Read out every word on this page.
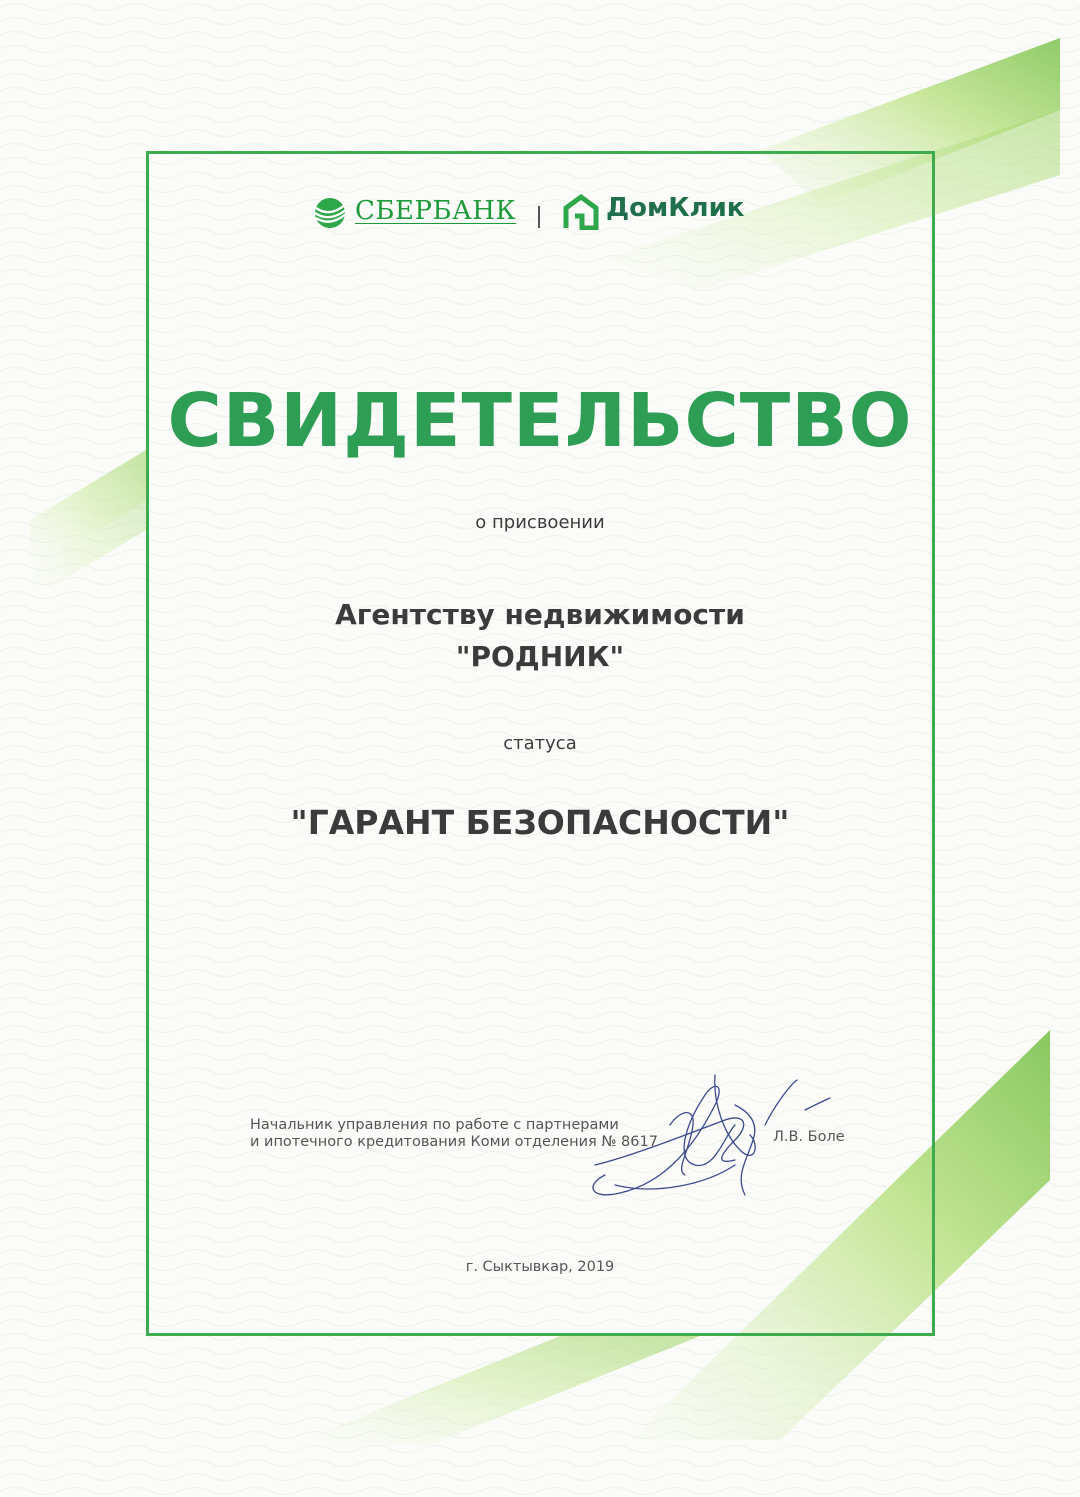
СБЕРБАНК	ДомКлик
СВИДЕТЕЛЬСТВО
о присвоении
Агентству недвижимости
"РОДНИК"
статуса
"ГАРАНТ БЕЗОПАСНОСТИ"
Начальник управления по работе с партнерами
и ипотечного кредитования Коми отделения № 8617	Л.В. Боле
г. Сыктывкар, 2019
